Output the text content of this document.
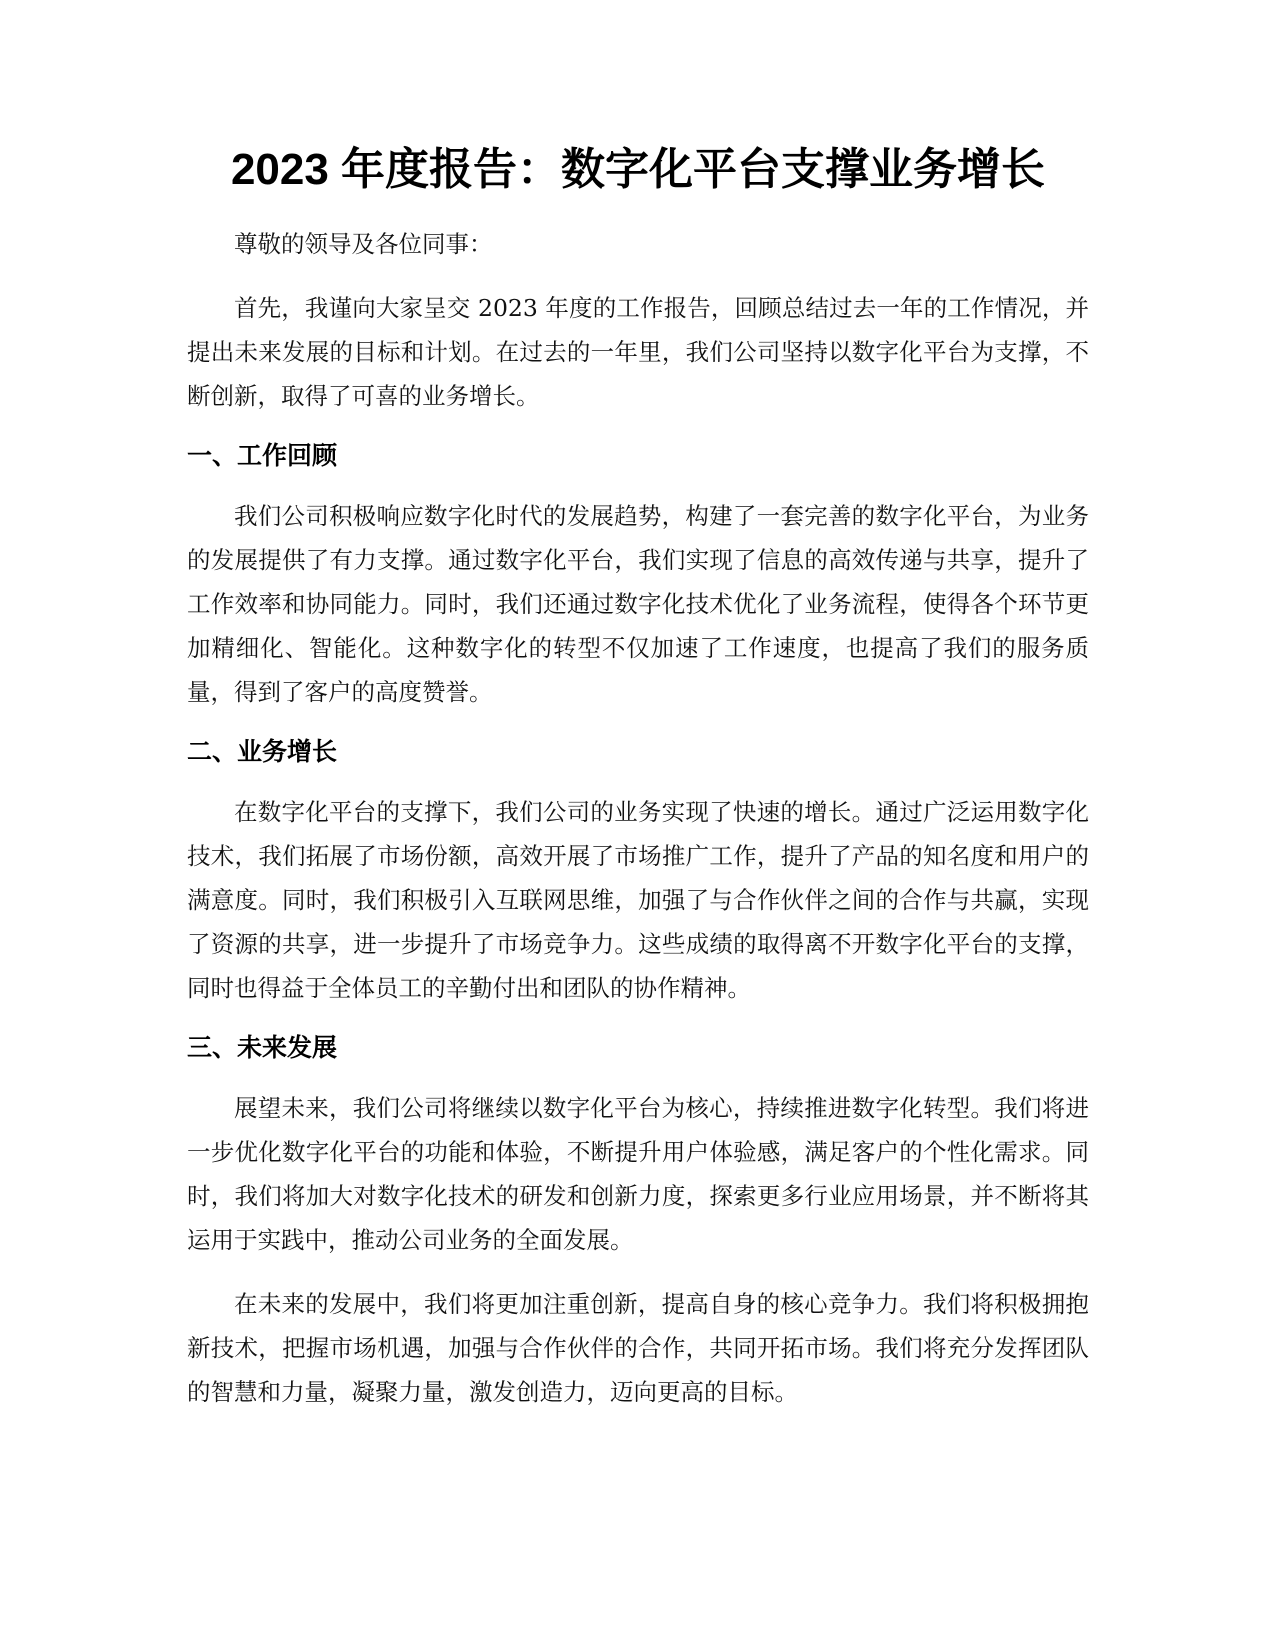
2023 年度报告：数字化平台支撑业务增长

尊敬的领导及各位同事：

首先，我谨向大家呈交 2023 年度的工作报告，回顾总结过去一年的工作情况，并提出未来发展的目标和计划。在过去的一年里，我们公司坚持以数字化平台为支撑，不断创新，取得了可喜的业务增长。

一、工作回顾

我们公司积极响应数字化时代的发展趋势，构建了一套完善的数字化平台，为业务的发展提供了有力支撑。通过数字化平台，我们实现了信息的高效传递与共享，提升了工作效率和协同能力。同时，我们还通过数字化技术优化了业务流程，使得各个环节更加精细化、智能化。这种数字化的转型不仅加速了工作速度，也提高了我们的服务质量，得到了客户的高度赞誉。

二、业务增长

在数字化平台的支撑下，我们公司的业务实现了快速的增长。通过广泛运用数字化技术，我们拓展了市场份额，高效开展了市场推广工作，提升了产品的知名度和用户的满意度。同时，我们积极引入互联网思维，加强了与合作伙伴之间的合作与共赢，实现了资源的共享，进一步提升了市场竞争力。这些成绩的取得离不开数字化平台的支撑，同时也得益于全体员工的辛勤付出和团队的协作精神。

三、未来发展

展望未来，我们公司将继续以数字化平台为核心，持续推进数字化转型。我们将进一步优化数字化平台的功能和体验，不断提升用户体验感，满足客户的个性化需求。同时，我们将加大对数字化技术的研发和创新力度，探索更多行业应用场景，并不断将其运用于实践中，推动公司业务的全面发展。

在未来的发展中，我们将更加注重创新，提高自身的核心竞争力。我们将积极拥抱新技术，把握市场机遇，加强与合作伙伴的合作，共同开拓市场。我们将充分发挥团队的智慧和力量，凝聚力量，激发创造力，迈向更高的目标。
